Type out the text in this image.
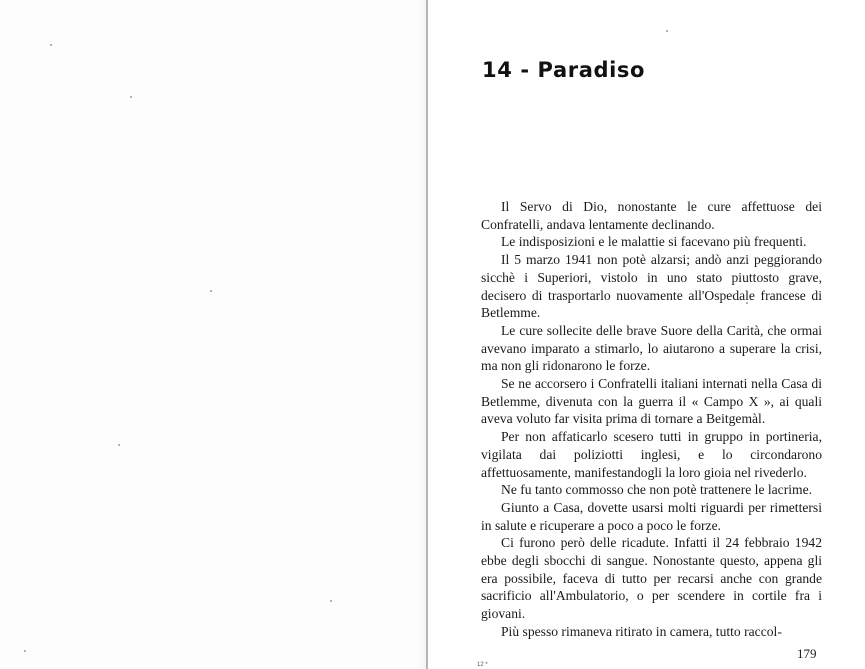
14 - Paradiso

Il Servo di Dio, nonostante le cure affettuose dei Confratelli, andava lentamente declinando.

Le indisposizioni e le malattie si facevano più frequenti.

Il 5 marzo 1941 non potè alzarsi; andò anzi peggiorando sicchè i Superiori, vistolo in uno stato piuttosto grave, decisero di trasportarlo nuovamente all'Ospedale francese di Betlemme.

Le cure sollecite delle brave Suore della Carità, che ormai avevano imparato a stimarlo, lo aiutarono a superare la crisi, ma non gli ridonarono le forze.

Se ne accorsero i Confratelli italiani internati nella Casa di Betlemme, divenuta con la guerra il « Campo X », ai quali aveva voluto far visita prima di tornare a Beitgemàl.

Per non affaticarlo scesero tutti in gruppo in portineria, vigilata dai poliziotti inglesi, e lo circondarono affettuosamente, manifestandogli la loro gioia nel rivederlo.

Ne fu tanto commosso che non potè trattenere le lacrime.

Giunto a Casa, dovette usarsi molti riguardi per rimettersi in salute e ricuperare a poco a poco le forze.

Ci furono però delle ricadute. Infatti il 24 febbraio 1942 ebbe degli sbocchi di sangue. Nonostante questo, appena gli era possibile, faceva di tutto per recarsi anche con grande sacrificio all'Ambulatorio, o per scendere in cortile fra i giovani.

Più spesso rimaneva ritirato in camera, tutto raccol-

179
12 *
